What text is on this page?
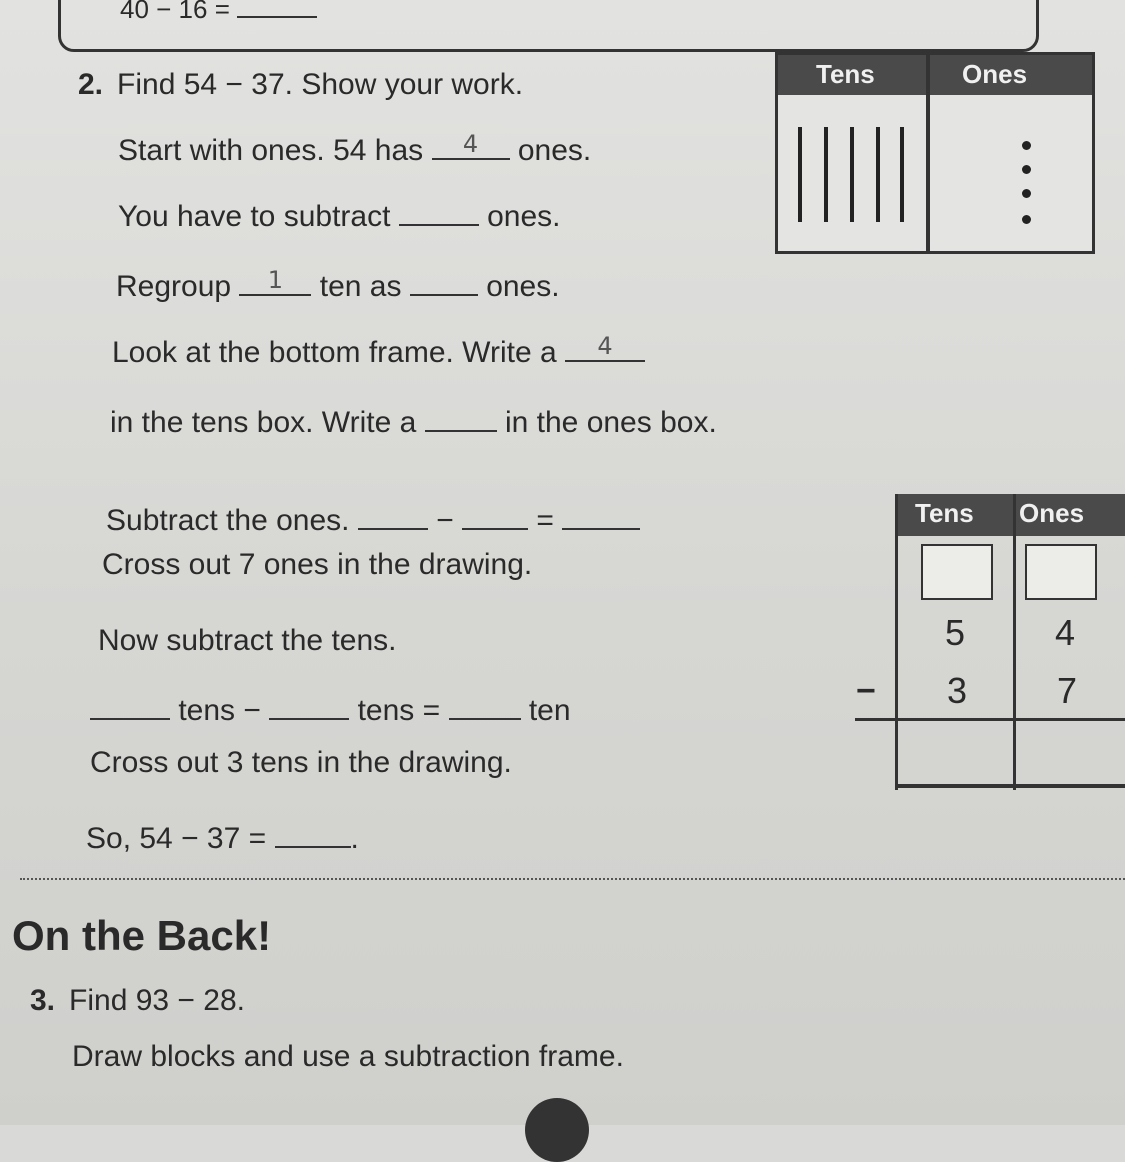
40 − 16 =
2. Find 54 − 37. Show your work.
Start with ones. 54 has	4	ones.
You have to subtract	ones.
Regroup	1	ten as	ones.
Look at the bottom frame. Write a	4
in the tens box. Write a	in the ones box.
Subtract the ones.	−	=
Cross out 7 ones in the drawing.
Now subtract the tens.
tens −	tens =	ten
Cross out 3 tens in the drawing.
So, 54 − 37 =	.
Tens	Ones
Tens Ones
5 4
3 7
−
On the Back!
3. Find 93 − 28.
Draw blocks and use a subtraction frame.
